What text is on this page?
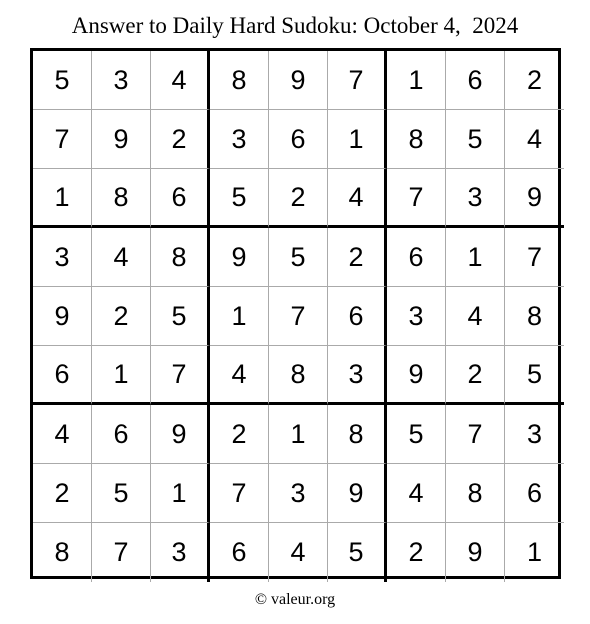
Answer to Daily Hard Sudoku: October 4,  2024
5	3	4	8	9	7	1	6	2
7	9	2	3	6	1	8	5	4
1	8	6	5	2	4	7	3	9
3	4	8	9	5	2	6	1	7
9	2	5	1	7	6	3	4	8
6	1	7	4	8	3	9	2	5
4	6	9	2	1	8	5	7	3
2	5	1	7	3	9	4	8	6
8	7	3	6	4	5	2	9	1
© valeur.org
